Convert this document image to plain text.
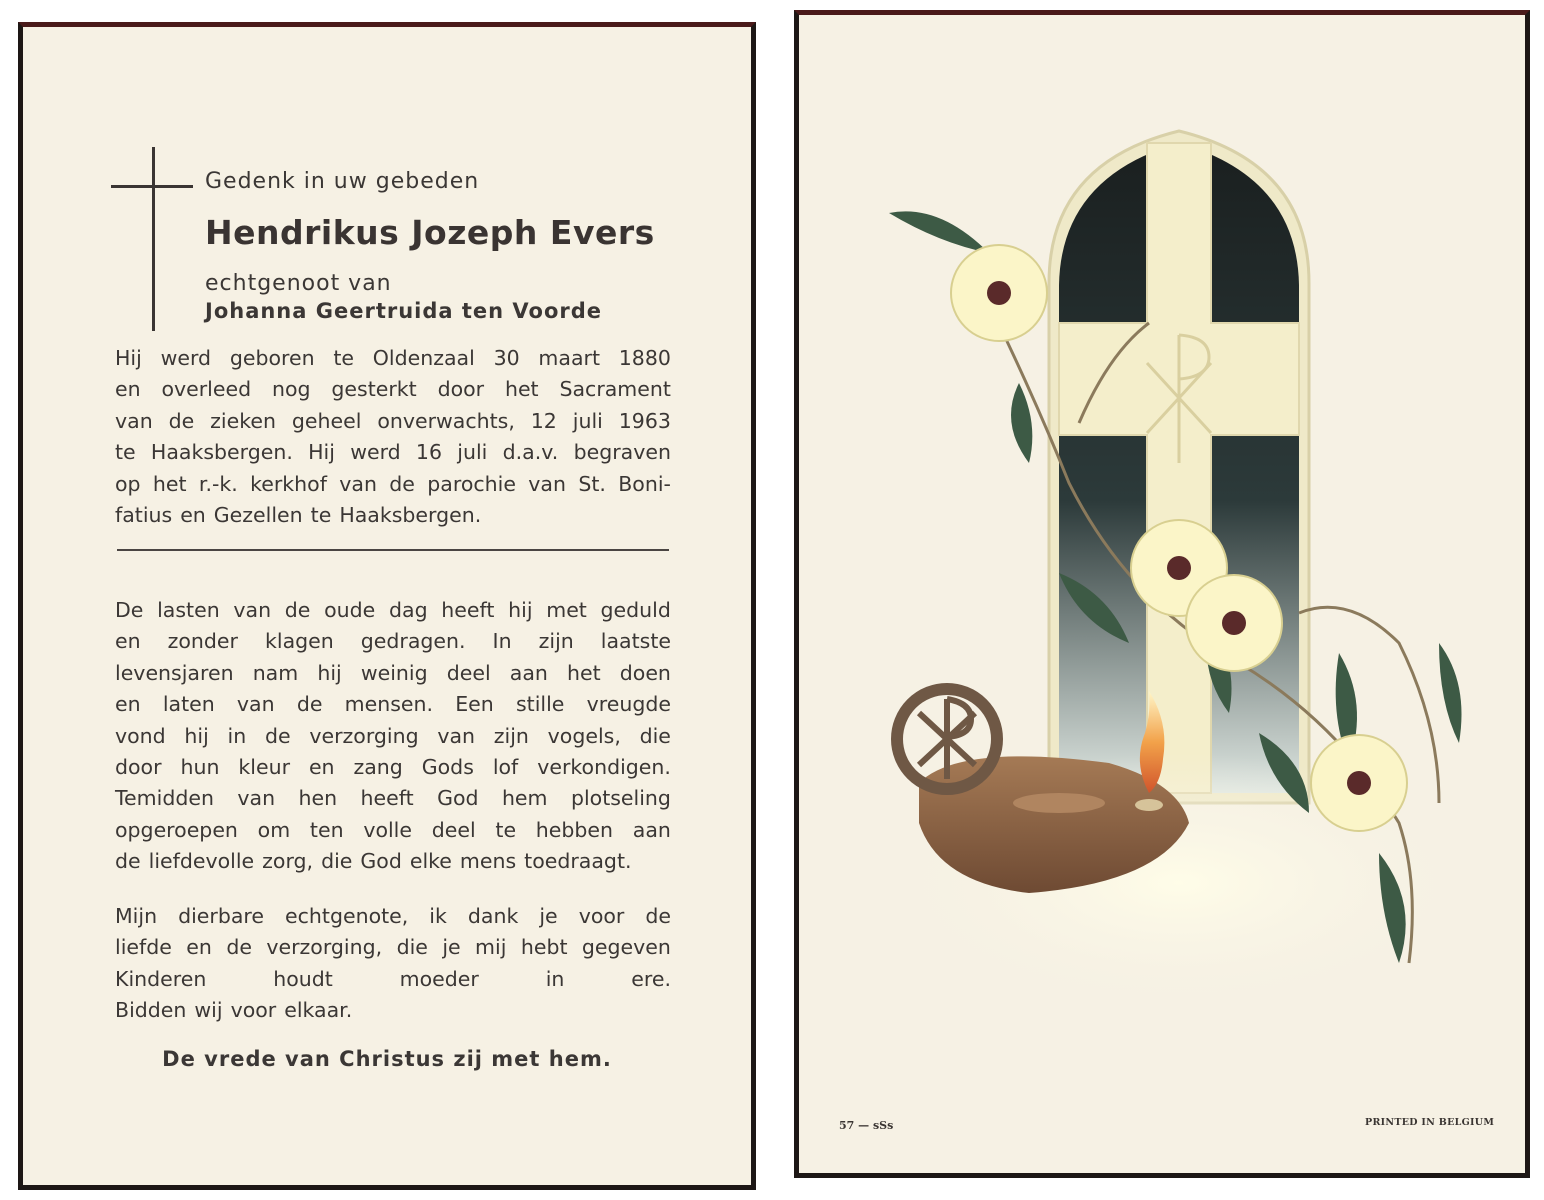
Gedenk in uw gebeden
Hendrikus Jozeph Evers
echtgenoot van
Johanna Geertruida ten Voorde
Hij werd geboren te Oldenzaal 30 maart 1880
en overleed nog gesterkt door het Sacrament
van de zieken geheel onverwachts, 12 juli 1963
te Haaksbergen. Hij werd 16 juli d.a.v. begraven
op het r.-k. kerkhof van de parochie van St. Boni-
fatius en Gezellen te Haaksbergen.
De lasten van de oude dag heeft hij met geduld
en zonder klagen gedragen. In zijn laatste
levensjaren nam hij weinig deel aan het doen
en laten van de mensen. Een stille vreugde
vond hij in de verzorging van zijn vogels, die
door hun kleur en zang Gods lof verkondigen.
Temidden van hen heeft God hem plotseling
opgeroepen om ten volle deel te hebben aan
de liefdevolle zorg, die God elke mens toedraagt.
Mijn dierbare echtgenote, ik dank je voor de
liefde en de verzorging, die je mij hebt gegeven
Kinderen	houdt	moeder	in	ere.
Bidden wij voor elkaar.
De vrede van Christus zij met hem.
57 — sSs	PRINTED IN BELGIUM
